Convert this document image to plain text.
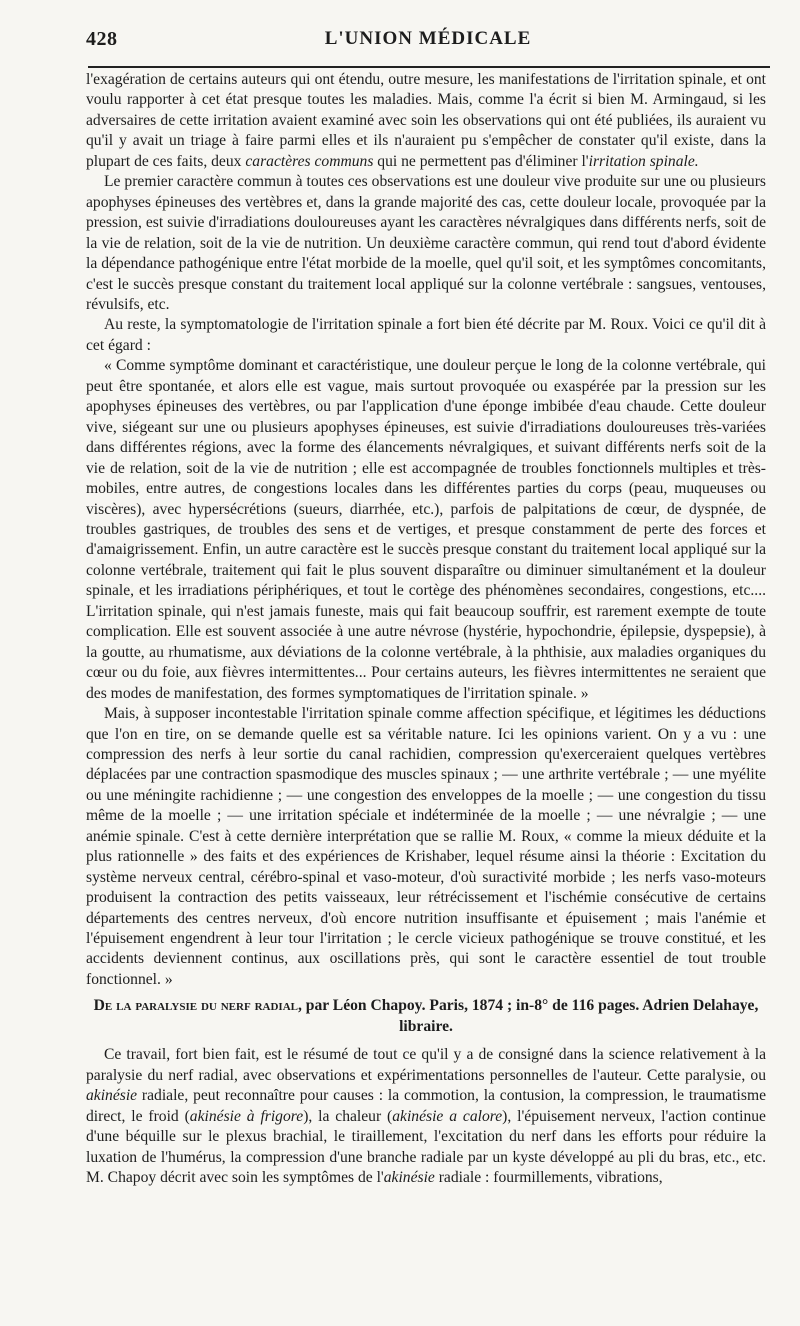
428	L'UNION MÉDICALE

l'exagération de certains auteurs qui ont étendu, outre mesure, les manifestations de l'irritation spinale, et ont voulu rapporter à cet état presque toutes les maladies. Mais, comme l'a écrit si bien M. Armingaud, si les adversaires de cette irritation avaient examiné avec soin les observations qui ont été publiées, ils auraient vu qu'il y avait un triage à faire parmi elles et ils n'auraient pu s'empêcher de constater qu'il existe, dans la plupart de ces faits, deux caractères communs qui ne permettent pas d'éliminer l'irritation spinale.

Le premier caractère commun à toutes ces observations est une douleur vive produite sur une ou plusieurs apophyses épineuses des vertèbres et, dans la grande majorité des cas, cette douleur locale, provoquée par la pression, est suivie d'irradiations douloureuses ayant les caractères névralgiques dans différents nerfs, soit de la vie de relation, soit de la vie de nutrition. Un deuxième caractère commun, qui rend tout d'abord évidente la dépendance pathogénique entre l'état morbide de la moelle, quel qu'il soit, et les symptômes concomitants, c'est le succès presque constant du traitement local appliqué sur la colonne vertébrale : sangsues, ventouses, révulsifs, etc.

Au reste, la symptomatologie de l'irritation spinale a fort bien été décrite par M. Roux. Voici ce qu'il dit à cet égard :

« Comme symptôme dominant et caractéristique, une douleur perçue le long de la colonne vertébrale, qui peut être spontanée, et alors elle est vague, mais surtout provoquée ou exaspérée par la pression sur les apophyses épineuses des vertèbres, ou par l'application d'une éponge imbibée d'eau chaude. Cette douleur vive, siégeant sur une ou plusieurs apophyses épineuses, est suivie d'irradiations douloureuses très-variées dans différentes régions, avec la forme des élancements névralgiques, et suivant différents nerfs soit de la vie de relation, soit de la vie de nutrition ; elle est accompagnée de troubles fonctionnels multiples et très-mobiles, entre autres, de congestions locales dans les différentes parties du corps (peau, muqueuses ou viscères), avec hypersécrétions (sueurs, diarrhée, etc.), parfois de palpitations de cœur, de dyspnée, de troubles gastriques, de troubles des sens et de vertiges, et presque constamment de perte des forces et d'amaigrissement. Enfin, un autre caractère est le succès presque constant du traitement local appliqué sur la colonne vertébrale, traitement qui fait le plus souvent disparaître ou diminuer simultanément et la douleur spinale, et les irradiations périphériques, et tout le cortège des phénomènes secondaires, congestions, etc.... L'irritation spinale, qui n'est jamais funeste, mais qui fait beaucoup souffrir, est rarement exempte de toute complication. Elle est souvent associée à une autre névrose (hystérie, hypochondrie, épilepsie, dyspepsie), à la goutte, au rhumatisme, aux déviations de la colonne vertébrale, à la phthisie, aux maladies organiques du cœur ou du foie, aux fièvres intermittentes... Pour certains auteurs, les fièvres intermittentes ne seraient que des modes de manifestation, des formes symptomatiques de l'irritation spinale. »

Mais, à supposer incontestable l'irritation spinale comme affection spécifique, et légitimes les déductions que l'on en tire, on se demande quelle est sa véritable nature. Ici les opinions varient. On y a vu : une compression des nerfs à leur sortie du canal rachidien, compression qu'exerceraient quelques vertèbres déplacées par une contraction spasmodique des muscles spinaux ; — une arthrite vertébrale ; — une myélite ou une méningite rachidienne ; — une congestion des enveloppes de la moelle ; — une congestion du tissu même de la moelle ; — une irritation spéciale et indéterminée de la moelle ; — une névralgie ; — une anémie spinale. C'est à cette dernière interprétation que se rallie M. Roux, « comme la mieux déduite et la plus rationnelle » des faits et des expériences de Krishaber, lequel résume ainsi la théorie : Excitation du système nerveux central, cérébro-spinal et vaso-moteur, d'où suractivité morbide ; les nerfs vaso-moteurs produisent la contraction des petits vaisseaux, leur rétrécissement et l'ischémie consécutive de certains départements des centres nerveux, d'où encore nutrition insuffisante et épuisement ; mais l'anémie et l'épuisement engendrent à leur tour l'irritation ; le cercle vicieux pathogénique se trouve constitué, et les accidents deviennent continus, aux oscillations près, qui sont le caractère essentiel de tout trouble fonctionnel. »

De la paralysie du nerf radial, par Léon Chapoy. Paris, 1874 ; in-8° de 116 pages. Adrien Delahaye, libraire.

Ce travail, fort bien fait, est le résumé de tout ce qu'il y a de consigné dans la science relativement à la paralysie du nerf radial, avec observations et expérimentations personnelles de l'auteur. Cette paralysie, ou akinésie radiale, peut reconnaître pour causes : la commotion, la contusion, la compression, le traumatisme direct, le froid (akinésie à frigore), la chaleur (akinésie a calore), l'épuisement nerveux, l'action continue d'une béquille sur le plexus brachial, le tiraillement, l'excitation du nerf dans les efforts pour réduire la luxation de l'humérus, la compression d'une branche radiale par un kyste développé au pli du bras, etc., etc. M. Chapoy décrit avec soin les symptômes de l'akinésie radiale : fourmillements, vibrations,
